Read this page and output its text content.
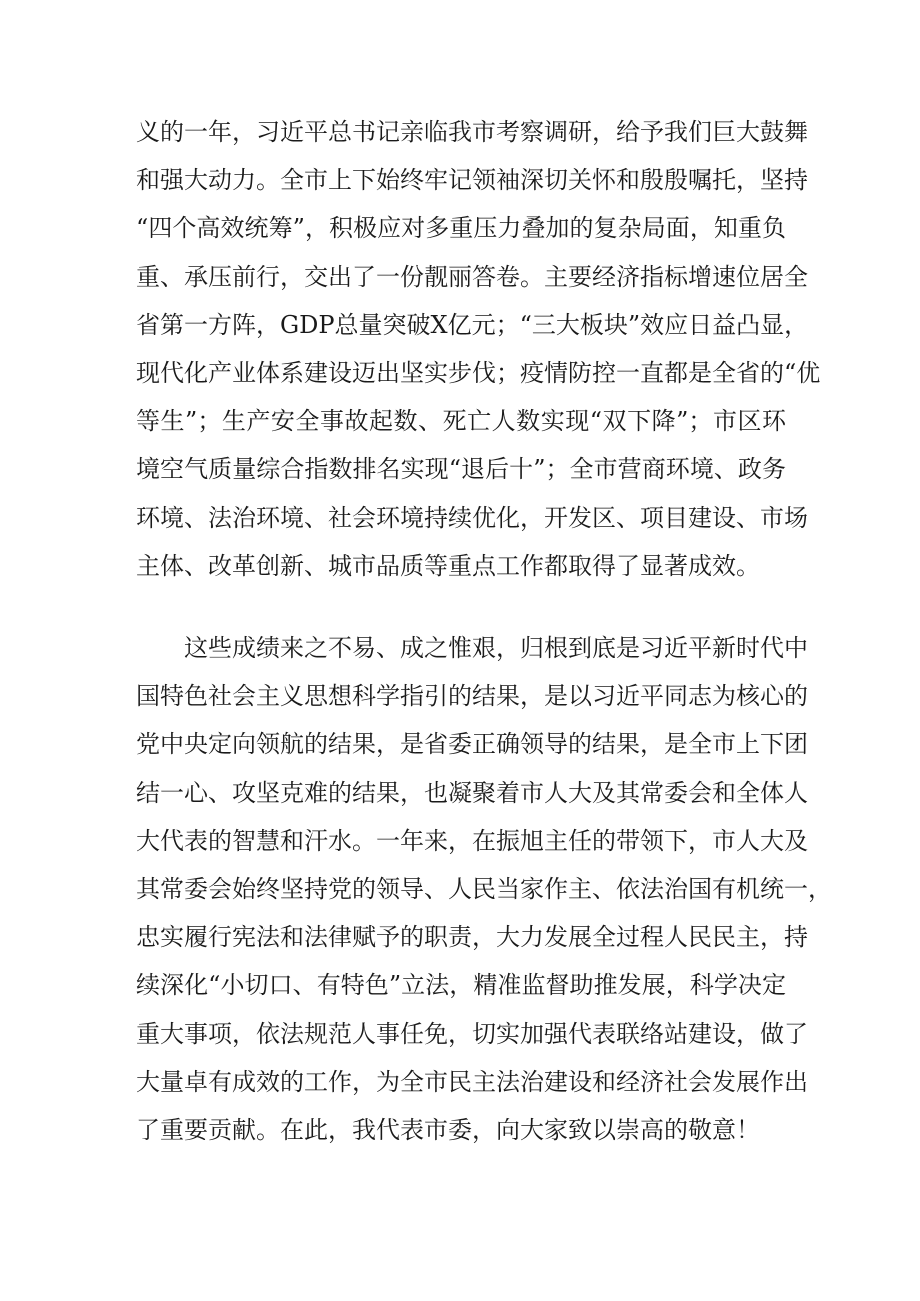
义的一年，习近平总书记亲临我市考察调研，给予我们巨大鼓舞
和强大动力。全市上下始终牢记领袖深切关怀和殷殷嘱托，坚持
“四个高效统筹”，积极应对多重压力叠加的复杂局面，知重负
重、承压前行，交出了一份靓丽答卷。主要经济指标增速位居全
省第一方阵，GDP总量突破X亿元；“三大板块”效应日益凸显，
现代化产业体系建设迈出坚实步伐；疫情防控一直都是全省的“优
等生”；生产安全事故起数、死亡人数实现“双下降”；市区环
境空气质量综合指数排名实现“退后十”；全市营商环境、政务
环境、法治环境、社会环境持续优化，开发区、项目建设、市场
主体、改革创新、城市品质等重点工作都取得了显著成效。
这些成绩来之不易、成之惟艰，归根到底是习近平新时代中
国特色社会主义思想科学指引的结果，是以习近平同志为核心的
党中央定向领航的结果，是省委正确领导的结果，是全市上下团
结一心、攻坚克难的结果，也凝聚着市人大及其常委会和全体人
大代表的智慧和汗水。一年来，在振旭主任的带领下，市人大及
其常委会始终坚持党的领导、人民当家作主、依法治国有机统一，
忠实履行宪法和法律赋予的职责，大力发展全过程人民民主，持
续深化“小切口、有特色”立法，精准监督助推发展，科学决定
重大事项，依法规范人事任免，切实加强代表联络站建设，做了
大量卓有成效的工作，为全市民主法治建设和经济社会发展作出
了重要贡献。在此，我代表市委，向大家致以崇高的敬意！
